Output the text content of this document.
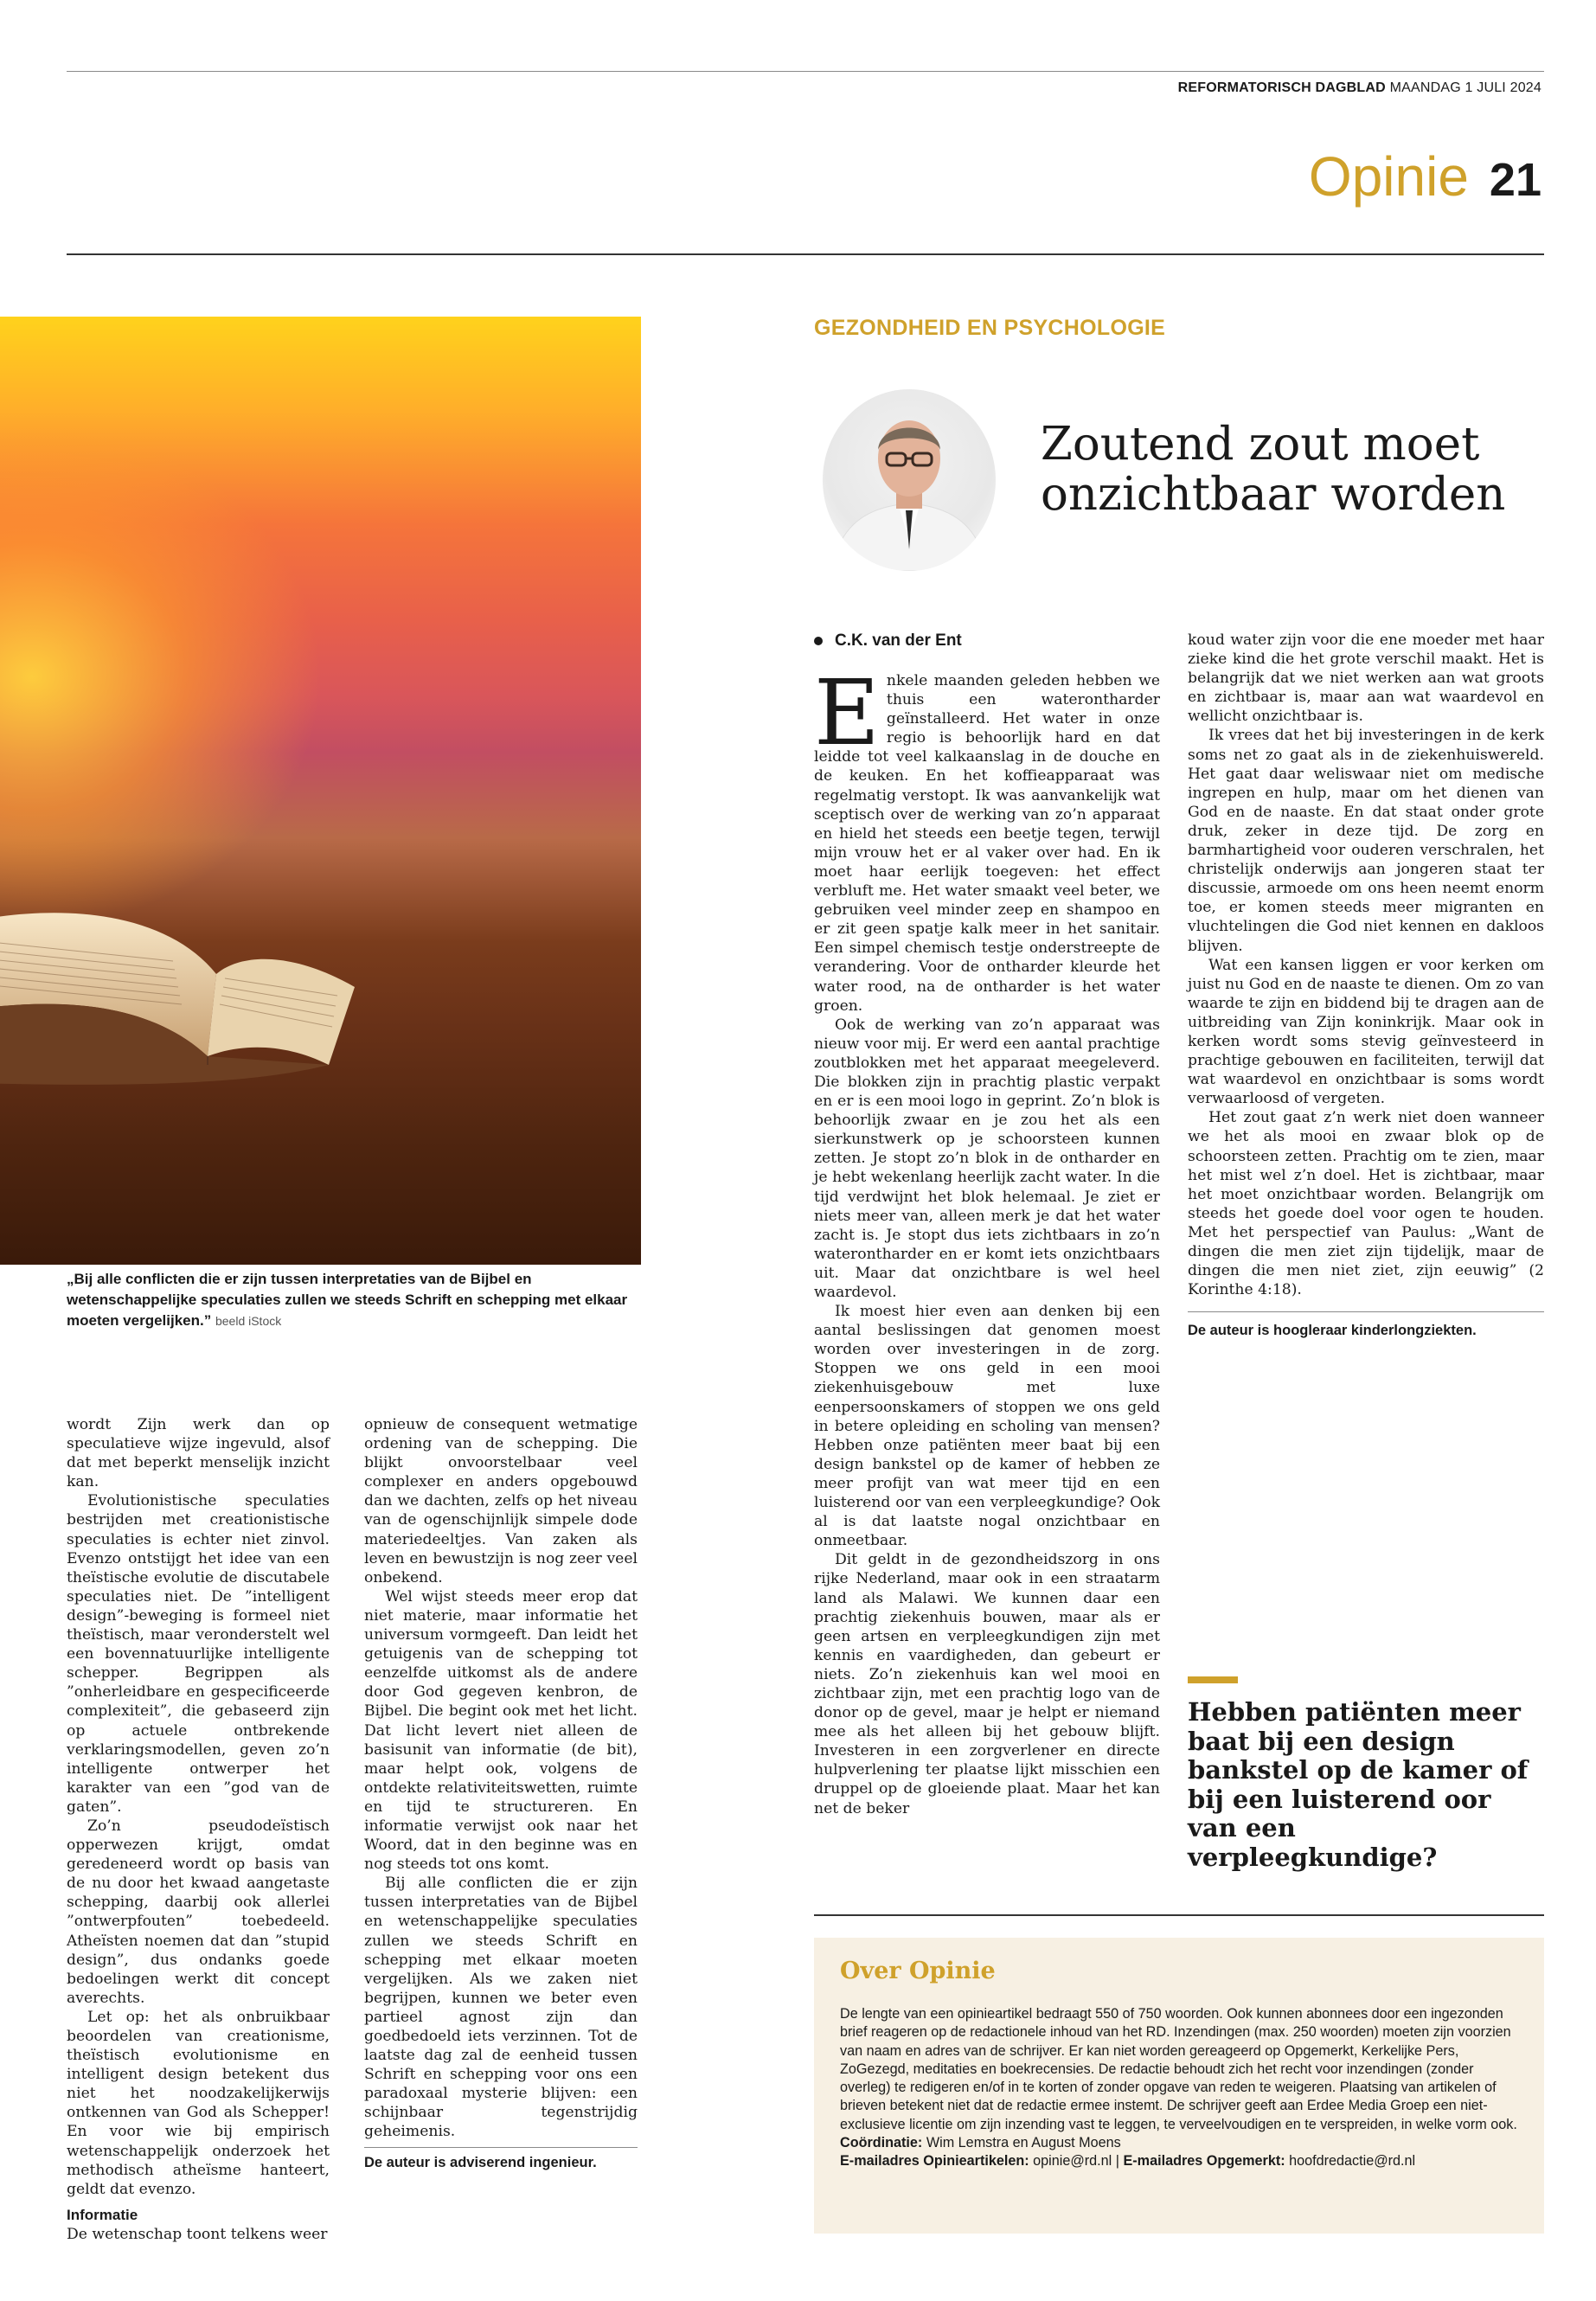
REFORMATORISCH DAGBLAD MAANDAG 1 JULI 2024
Opinie 21
„Bij alle conflicten die er zijn tussen interpretaties van de Bijbel en wetenschappelijke speculaties zullen we steeds Schrift en schepping met elkaar moeten vergelijken.” beeld iStock

wordt Zijn werk dan op speculatieve wijze ingevuld, alsof dat met beperkt menselijk inzicht kan.

Evolutionistische speculaties bestrijden met creationistische speculaties is echter niet zinvol. Evenzo ontstijgt het idee van een theïstische evolutie de discutabele speculaties niet. De ”intelligent design”-beweging is formeel niet theïstisch, maar veronderstelt wel een bovennatuurlijke intelligente schepper. Begrippen als ”onherleidbare en gespecificeerde complexiteit”, die gebaseerd zijn op actuele ontbrekende verklaringsmodellen, geven zo’n intelligente ontwerper het karakter van een ”god van de gaten”.

Zo’n pseudodeïstisch opperwezen krijgt, omdat geredeneerd wordt op basis van de nu door het kwaad aangetaste schepping, daarbij ook allerlei ”ontwerpfouten” toebedeeld. Atheïsten noemen dat dan ”stupid design”, dus ondanks goede bedoelingen werkt dit concept averechts.

Let op: het als onbruikbaar beoordelen van creationisme, theïstisch evolutionisme en intelligent design betekent dus niet het noodzakelijkerwijs ontkennen van God als Schepper! En voor wie bij empirisch wetenschappelijk onderzoek het methodisch atheïsme hanteert, geldt dat evenzo.

Informatie

De wetenschap toont telkens weer

opnieuw de consequent wetmatige ordening van de schepping. Die blijkt onvoorstelbaar veel complexer en anders opgebouwd dan we dachten, zelfs op het niveau van de ogenschijnlijk simpele dode materiedeeltjes. Van zaken als leven en bewustzijn is nog zeer veel onbekend.

Wel wijst steeds meer erop dat niet materie, maar informatie het universum vormgeeft. Dan leidt het getuigenis van de schepping tot eenzelfde uitkomst als de andere door God gegeven kenbron, de Bijbel. Die begint ook met het licht. Dat licht levert niet alleen de basisunit van informatie (de bit), maar helpt ook, volgens de ontdekte relativiteitswetten, ruimte en tijd te structureren. En informatie verwijst ook naar het Woord, dat in den beginne was en nog steeds tot ons komt.

Bij alle conflicten die er zijn tussen interpretaties van de Bijbel en wetenschappelijke speculaties zullen we steeds Schrift en schepping met elkaar moeten vergelijken. Als we zaken niet begrijpen, kunnen we beter even partieel agnost zijn dan goedbedoeld iets verzinnen. Tot de laatste dag zal de eenheid tussen Schrift en schepping voor ons een paradoxaal mysterie blijven: een schijnbaar tegenstrijdig geheimenis.

De auteur is adviserend ingenieur.
GEZONDHEID EN PSYCHOLOGIE
Zoutend zout moet onzichtbaar worden
C.K. van der Ent

Enkele maanden geleden hebben we thuis een waterontharder geïnstalleerd. Het water in onze regio is behoorlijk hard en dat leidde tot veel kalkaanslag in de douche en de keuken. En het koffieapparaat was regelmatig verstopt. Ik was aanvankelijk wat sceptisch over de werking van zo’n apparaat en hield het steeds een beetje tegen, terwijl mijn vrouw het er al vaker over had. En ik moet haar eerlijk toegeven: het effect verbluft me. Het water smaakt veel beter, we gebruiken veel minder zeep en shampoo en er zit geen spatje kalk meer in het sanitair. Een simpel chemisch testje onderstreepte de verandering. Voor de ontharder kleurde het water rood, na de ontharder is het water groen.

Ook de werking van zo’n apparaat was nieuw voor mij. Er werd een aantal prachtige zoutblokken met het apparaat meegeleverd. Die blokken zijn in prachtig plastic verpakt en er is een mooi logo in geprint. Zo’n blok is behoorlijk zwaar en je zou het als een sierkunstwerk op je schoorsteen kunnen zetten. Je stopt zo’n blok in de ontharder en je hebt wekenlang heerlijk zacht water. In die tijd verdwijnt het blok helemaal. Je ziet er niets meer van, alleen merk je dat het water zacht is. Je stopt dus iets zichtbaars in zo’n waterontharder en er komt iets onzichtbaars uit. Maar dat onzichtbare is wel heel waardevol.

Ik moest hier even aan denken bij een aantal beslissingen dat genomen moest worden over investeringen in de zorg. Stoppen we ons geld in een mooi ziekenhuisgebouw met luxe eenpersoonskamers of stoppen we ons geld in betere opleiding en scholing van mensen? Hebben onze patiënten meer baat bij een design bankstel op de kamer of hebben ze meer profijt van wat meer tijd en een luisterend oor van een verpleegkundige? Ook al is dat laatste nogal onzichtbaar en onmeetbaar.

Dit geldt in de gezondheidszorg in ons rijke Nederland, maar ook in een straatarm land als Malawi. We kunnen daar een prachtig ziekenhuis bouwen, maar als er geen artsen en verpleegkundigen zijn met kennis en vaardigheden, dan gebeurt er niets. Zo’n ziekenhuis kan wel mooi en zichtbaar zijn, met een prachtig logo van de donor op de gevel, maar je helpt er niemand mee als het alleen bij het gebouw blijft. Investeren in een zorgverlener en directe hulpverlening ter plaatse lijkt misschien een druppel op de gloeiende plaat. Maar het kan net de beker

koud water zijn voor die ene moeder met haar zieke kind die het grote verschil maakt. Het is belangrijk dat we niet werken aan wat groots en zichtbaar is, maar aan wat waardevol en wellicht onzichtbaar is.

Ik vrees dat het bij investeringen in de kerk soms net zo gaat als in de ziekenhuiswereld. Het gaat daar weliswaar niet om medische ingrepen en hulp, maar om het dienen van God en de naaste. En dat staat onder grote druk, zeker in deze tijd. De zorg en barmhartigheid voor ouderen verschralen, het christelijk onderwijs aan jongeren staat ter discussie, armoede om ons heen neemt enorm toe, er komen steeds meer migranten en vluchtelingen die God niet kennen en dakloos blijven.

Wat een kansen liggen er voor kerken om juist nu God en de naaste te dienen. Om zo van waarde te zijn en biddend bij te dragen aan de uitbreiding van Zijn koninkrijk. Maar ook in kerken wordt soms stevig geïnvesteerd in prachtige gebouwen en faciliteiten, terwijl dat wat waardevol en onzichtbaar is soms wordt verwaarloosd of vergeten.

Het zout gaat z’n werk niet doen wanneer we het als mooi en zwaar blok op de schoorsteen zetten. Prachtig om te zien, maar het mist wel z’n doel. Het is zichtbaar, maar het moet onzichtbaar worden. Belangrijk om steeds het goede doel voor ogen te houden. Met het perspectief van Paulus: „Want de dingen die men ziet zijn tijdelijk, maar de dingen die men niet ziet, zijn eeuwig” (2 Korinthe 4:18).

De auteur is hoogleraar kinderlongziekten.
Hebben patiënten meer baat bij een design bankstel op de kamer of bij een luisterend oor van een verpleegkundige?
Over Opinie

De lengte van een opinieartikel bedraagt 550 of 750 woorden. Ook kunnen abonnees door een ingezonden brief reageren op de redactionele inhoud van het RD. Inzendingen (max. 250 woorden) moeten zijn voorzien van naam en adres van de schrijver. Er kan niet worden gereageerd op Opgemerkt, Kerkelijke Pers, ZoGezegd, meditaties en boekrecensies. De redactie behoudt zich het recht voor inzendingen (zonder overleg) te redigeren en/of in te korten of zonder opgave van reden te weigeren. Plaatsing van artikelen of brieven betekent niet dat de redactie ermee instemt. De schrijver geeft aan Erdee Media Groep een niet-exclusieve licentie om zijn inzending vast te leggen, te verveelvoudigen en te verspreiden, in welke vorm ook.

Coördinatie: Wim Lemstra en August Moens

E-mailadres Opinieartikelen: opinie@rd.nl | E-mailadres Opgemerkt: hoofdredactie@rd.nl
